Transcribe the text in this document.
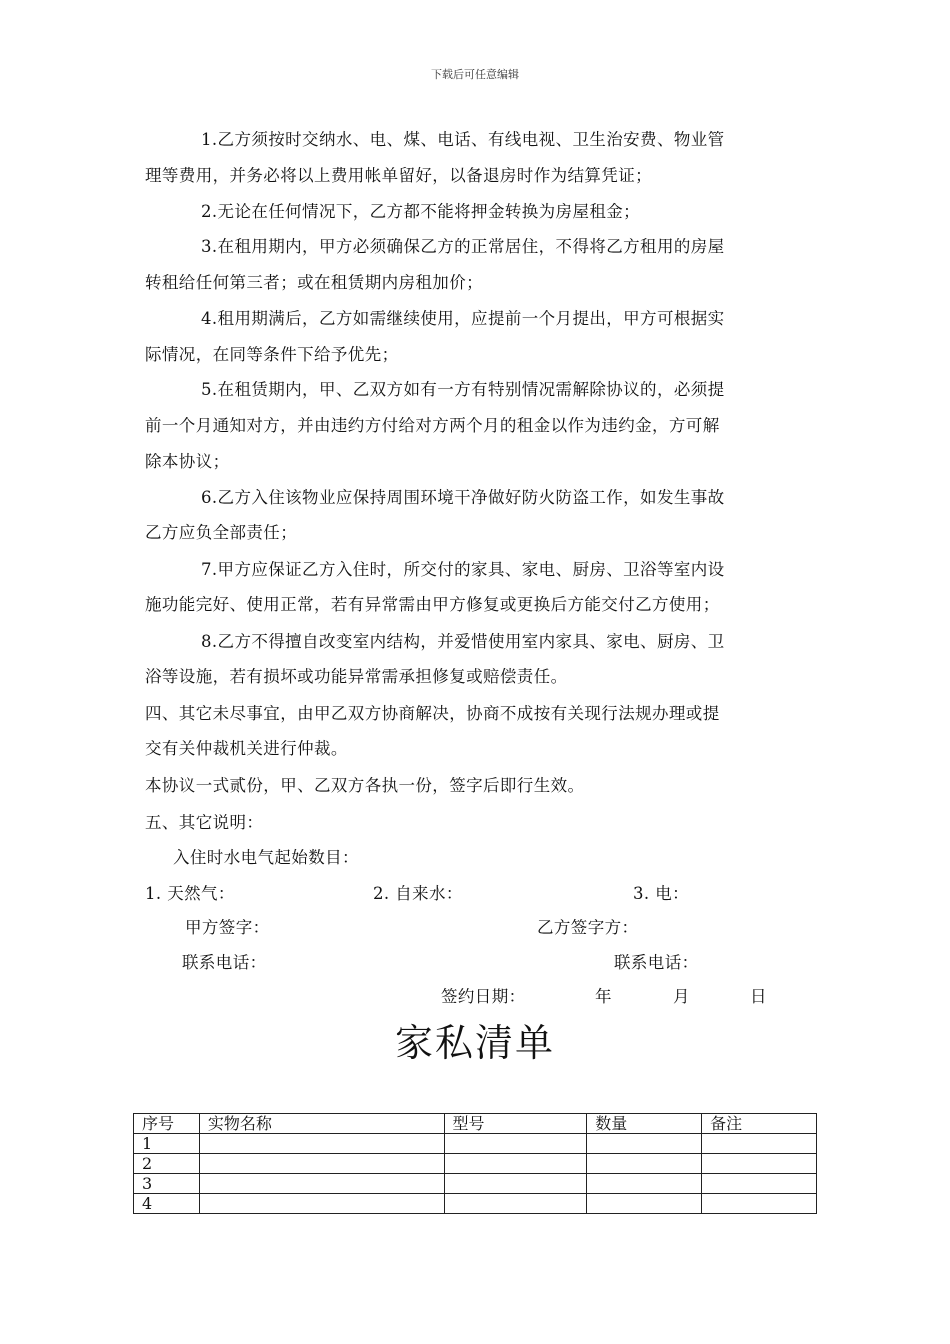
下载后可任意编辑
1.乙方须按时交纳水、电、煤、电话、有线电视、卫生治安费、物业管
理等费用，并务必将以上费用帐单留好，以备退房时作为结算凭证；
2.无论在任何情况下，乙方都不能将押金转换为房屋租金；
3.在租用期内，甲方必须确保乙方的正常居住，不得将乙方租用的房屋
转租给任何第三者；或在租赁期内房租加价；
4.租用期满后，乙方如需继续使用，应提前一个月提出，甲方可根据实
际情况，在同等条件下给予优先；
5.在租赁期内，甲、乙双方如有一方有特别情况需解除协议的，必须提
前一个月通知对方，并由违约方付给对方两个月的租金以作为违约金，方可解
除本协议；
6.乙方入住该物业应保持周围环境干净做好防火防盗工作，如发生事故
乙方应负全部责任；
7.甲方应保证乙方入住时，所交付的家具、家电、厨房、卫浴等室内设
施功能完好、使用正常，若有异常需由甲方修复或更换后方能交付乙方使用；
8.乙方不得擅自改变室内结构，并爱惜使用室内家具、家电、厨房、卫
浴等设施，若有损坏或功能异常需承担修复或赔偿责任。
四、其它未尽事宜，由甲乙双方协商解决，协商不成按有关现行法规办理或提
交有关仲裁机关进行仲裁。
本协议一式贰份，甲、乙双方各执一份，签字后即行生效。
五、其它说明：
入住时水电气起始数目：
1. 天然气：	2. 自来水：	3. 电：
甲方签字：	乙方签字方：
联系电话：	联系电话：
签约日期：	年	月	日
家私清单
序号	实物名称	型号	数量	备注
1				
2				
3				
4				
